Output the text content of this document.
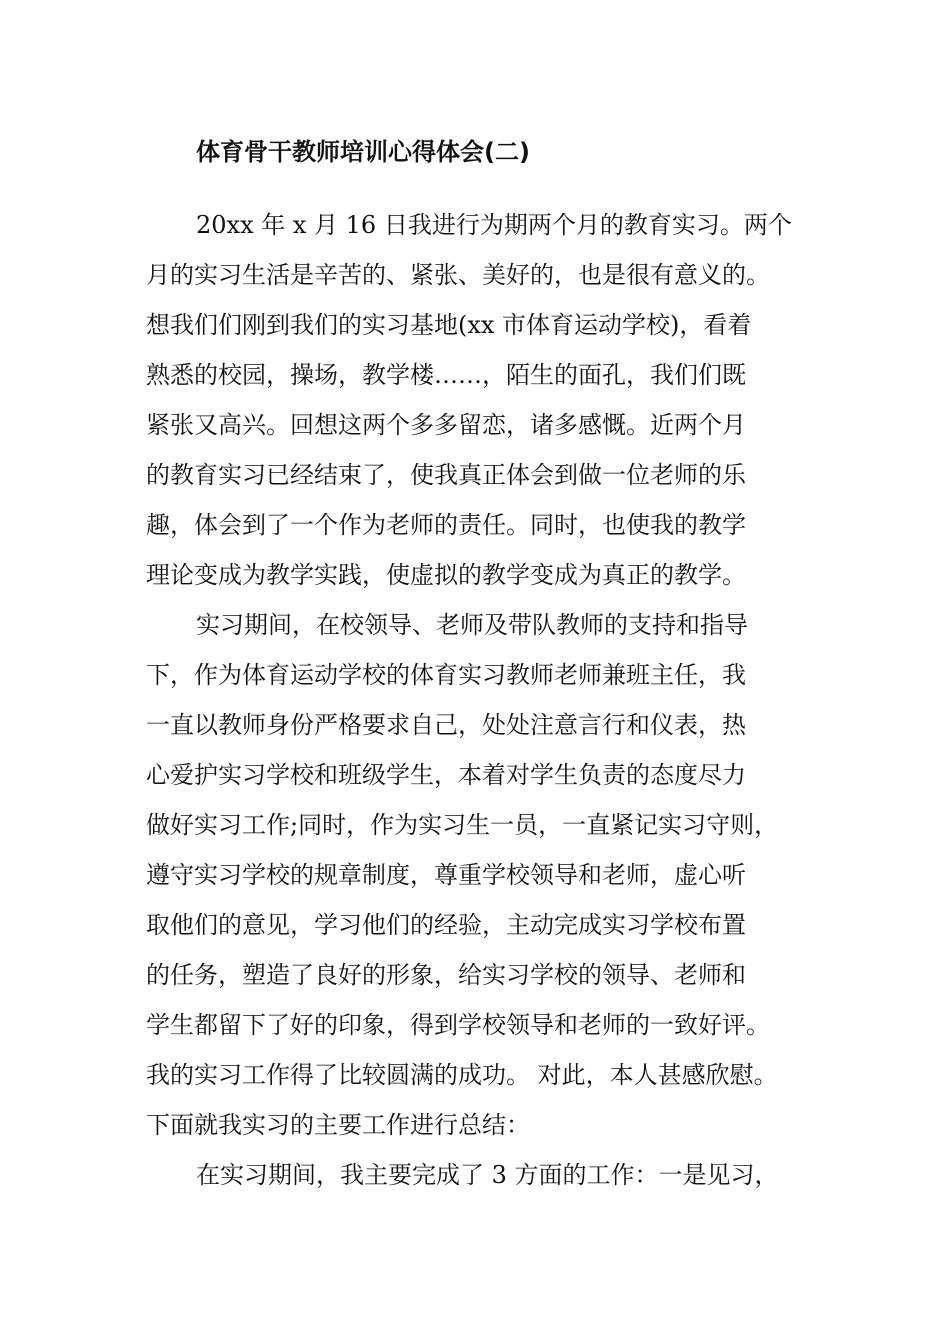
体育骨干教师培训心得体会(二)
20xx 年 x 月 16 日我进行为期两个月的教育实习。两个
月的实习生活是辛苦的、紧张、美好的，也是很有意义的。
想我们们刚到我们的实习基地(xx 市体育运动学校)，看着
熟悉的校园，操场，教学楼……，陌生的面孔，我们们既
紧张又高兴。回想这两个多多留恋，诸多感慨。近两个月
的教育实习已经结束了，使我真正体会到做一位老师的乐
趣，体会到了一个作为老师的责任。同时，也使我的教学
理论变成为教学实践，使虚拟的教学变成为真正的教学。
实习期间，在校领导、老师及带队教师的支持和指导
下，作为体育运动学校的体育实习教师老师兼班主任，我
一直以教师身份严格要求自己，处处注意言行和仪表，热
心爱护实习学校和班级学生，本着对学生负责的态度尽力
做好实习工作;同时，作为实习生一员，一直紧记实习守则，
遵守实习学校的规章制度，尊重学校领导和老师，虚心听
取他们的意见，学习他们的经验，主动完成实习学校布置
的任务，塑造了良好的形象，给实习学校的领导、老师和
学生都留下了好的印象，得到学校领导和老师的一致好评。
我的实习工作得了比较圆满的成功。 对此，本人甚感欣慰。
下面就我实习的主要工作进行总结：
在实习期间，我主要完成了 3 方面的工作：一是见习，
